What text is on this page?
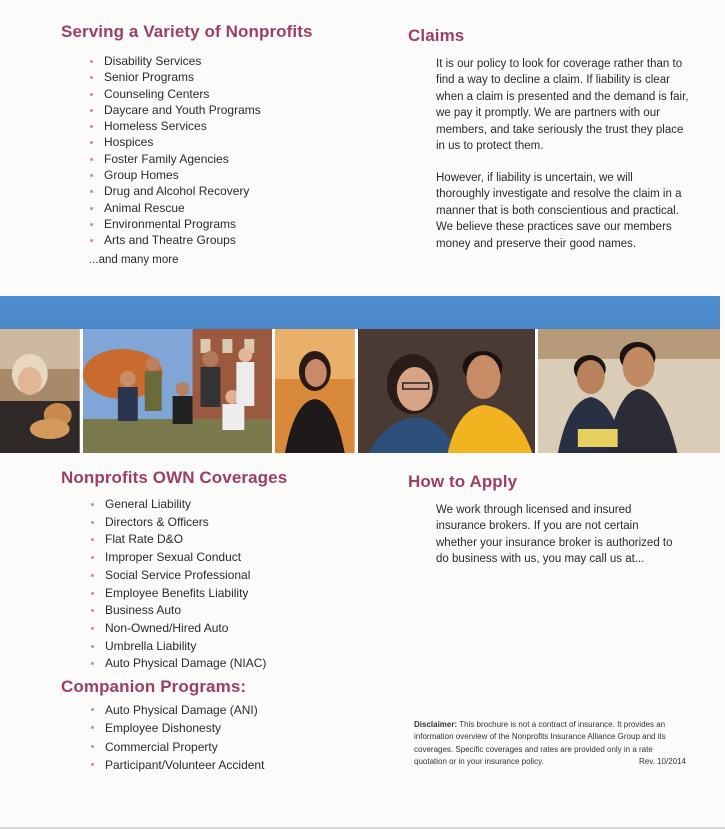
Serving a Variety of Nonprofits
Disability Services
Senior Programs
Counseling Centers
Daycare and Youth Programs
Homeless Services
Hospices
Foster Family Agencies
Group Homes
Drug and Alcohol Recovery
Animal Rescue
Environmental Programs
Arts and Theatre Groups

...and many more

Claims

It is our policy to look for coverage rather than to find a way to decline a claim. If liability is clear when a claim is presented and the demand is fair, we pay it promptly. We are partners with our members, and take seriously the trust they place in us to protect them.

However, if liability is uncertain, we will thoroughly investigate and resolve the claim in a manner that is both conscientious and practical. We believe these practices save our members money and preserve their good names.

Nonprofits OWN Coverages
General Liability
Directors & Officers
Flat Rate D&O
Improper Sexual Conduct
Social Service Professional
Employee Benefits Liability
Business Auto
Non-Owned/Hired Auto
Umbrella Liability
Auto Physical Damage (NIAC)
Companion Programs:
Auto Physical Damage (ANI)
Employee Dishonesty
Commercial Property
Participant/Volunteer Accident
How to Apply

We work through licensed and insured insurance brokers. If you are not certain whether your insurance broker is authorized to do business with us, you may call us at...

Disclaimer: This brochure is not a contract of insurance. It provides an information overview of the Nonprofits Insurance Alliance Group and its coverages. Specific coverages and rates are provided only in a rate quotation or in your insurance policy.	Rev. 10/2014
